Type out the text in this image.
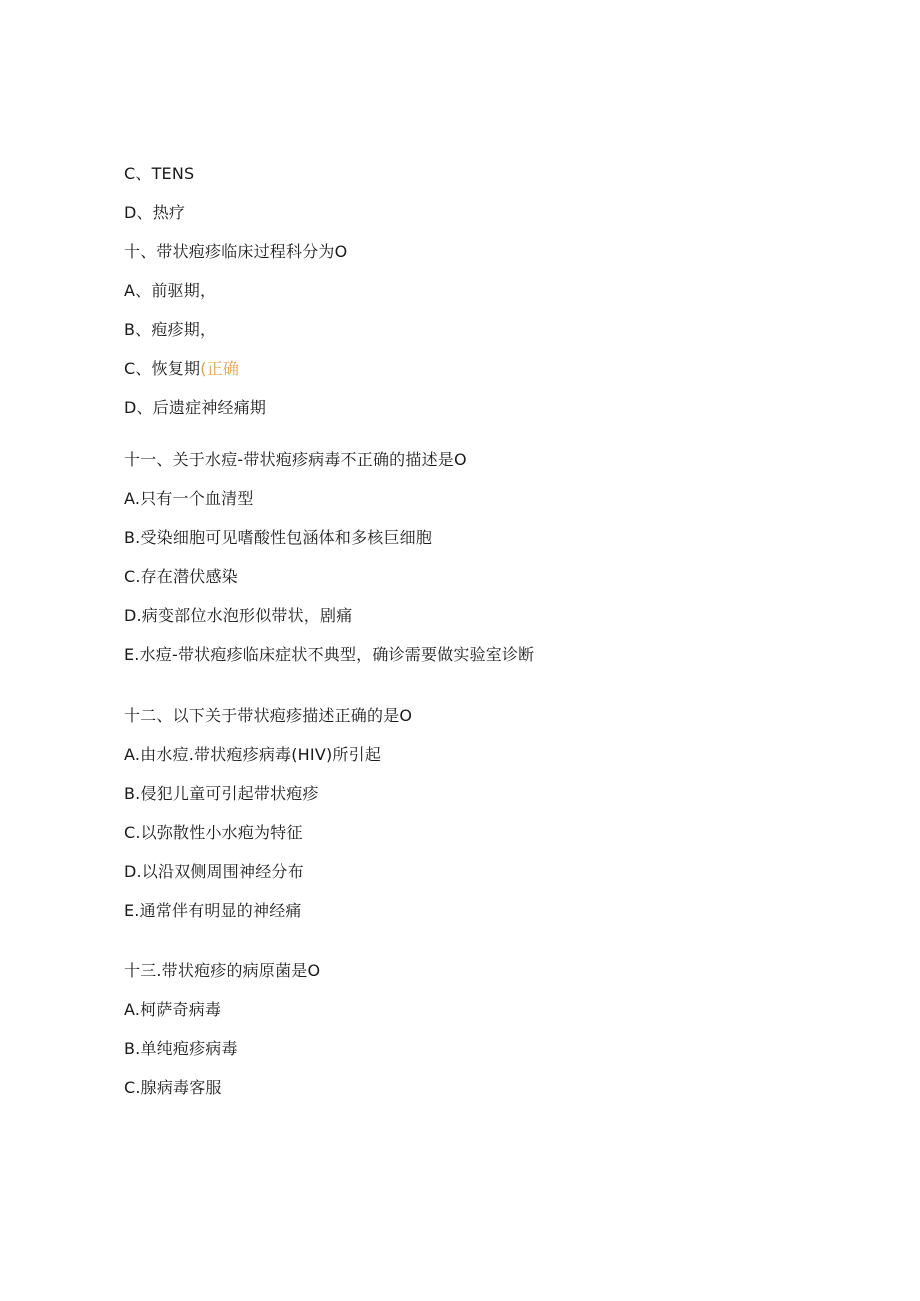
C、TENS
D、热疗
十、带状疱疹临床过程科分为O
A、前驱期，
B、疱疹期，
C、恢复期(正确
D、后遗症神经痛期
十一、关于水痘-带状疱疹病毒不正确的描述是O
A.只有一个血清型
B.受染细胞可见嗜酸性包涵体和多核巨细胞
C.存在潜伏感染
D.病变部位水泡形似带状，剧痛
E.水痘-带状疱疹临床症状不典型，确诊需要做实验室诊断
十二、以下关于带状疱疹描述正确的是O
A.由水痘.带状疱疹病毒(HIV)所引起
B.侵犯儿童可引起带状疱疹
C.以弥散性小水疱为特征
D.以沿双侧周围神经分布
E.通常伴有明显的神经痛
十三.带状疱疹的病原菌是O
A.柯萨奇病毒
B.单纯疱疹病毒
C.腺病毒客服
